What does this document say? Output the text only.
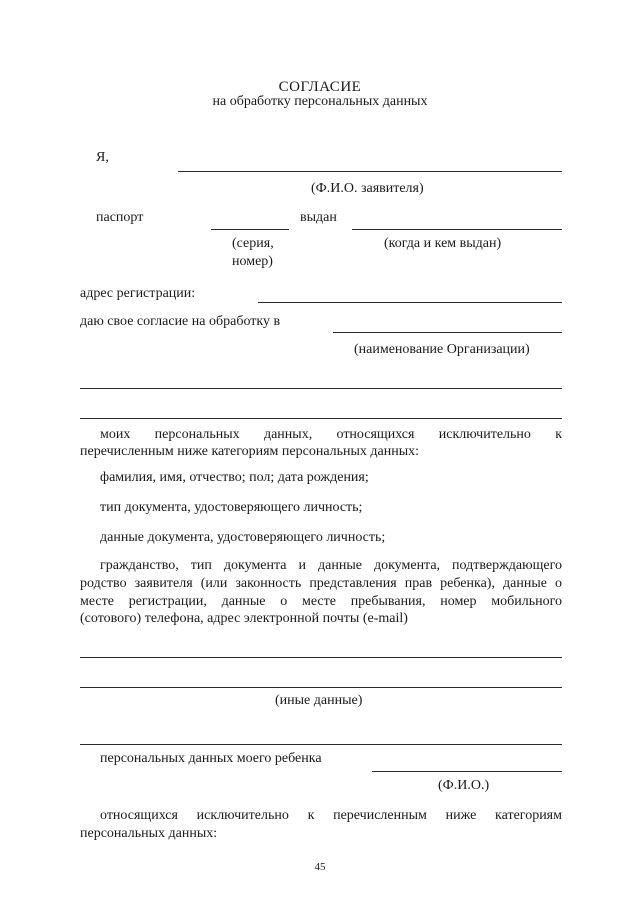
СОГЛАСИЕ
на обработку персональных данных
Я,
(Ф.И.О. заявителя)
паспорт	выдан
(серия,
номер)
(когда и кем выдан)
адрес регистрации:
даю свое согласие на обработку в
(наименование Организации)
моих персональных данных, относящихся исключительно к
перечисленным ниже категориям персональных данных:
фамилия, имя, отчество; пол; дата рождения;
тип документа, удостоверяющего личность;
данные документа, удостоверяющего личность;
гражданство, тип документа и данные документа, подтверждающего
родство заявителя (или законность представления прав ребенка), данные о
месте регистрации, данные о месте пребывания, номер мобильного
(сотового) телефона, адрес электронной почты (e-mail)
(иные данные)
персональных данных моего ребенка
(Ф.И.О.)
относящихся исключительно к перечисленным ниже категориям
персональных данных:
45
